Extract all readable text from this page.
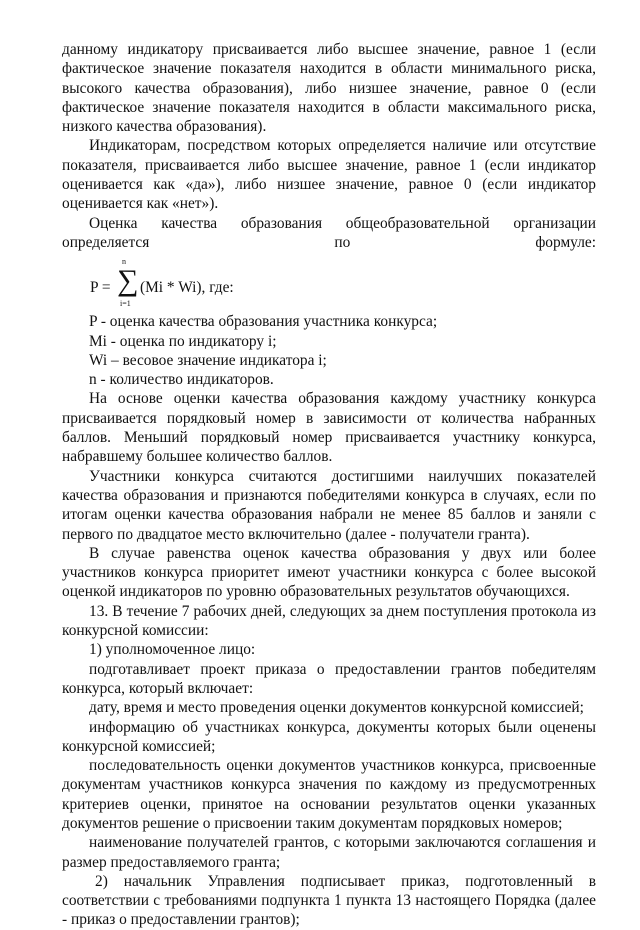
данному индикатору присваивается либо высшее значение, равное 1 (если фактическое значение показателя находится в области минимального риска, высокого качества образования), либо низшее значение, равное 0 (если фактическое значение показателя находится в области максимального риска, низкого качества образования).

Индикаторам, посредством которых определяется наличие или отсутствие показателя, присваивается либо высшее значение, равное 1 (если индикатор оценивается как «да»), либо низшее значение, равное 0 (если индикатор оценивается как «нет»).

Оценка качества образования общеобразовательной организации определяется по формуле:

P =
n
∑
i=1
(Mi * Wi), где:

P - оценка качества образования участника конкурса;

Mi - оценка по индикатору i;

Wi – весовое значение индикатора i;

n - количество индикаторов.

На основе оценки качества образования каждому участнику конкурса присваивается порядковый номер в зависимости от количества набранных баллов. Меньший порядковый номер присваивается участнику конкурса, набравшему большее количество баллов.

Участники конкурса считаются достигшими наилучших показателей качества образования и признаются победителями конкурса в случаях, если по итогам оценки качества образования набрали не менее 85 баллов и заняли с первого по двадцатое место включительно (далее - получатели гранта).

В случае равенства оценок качества образования у двух или более участников конкурса приоритет имеют участники конкурса с более высокой оценкой индикаторов по уровню образовательных результатов обучающихся.

13. В течение 7 рабочих дней, следующих за днем поступления протокола из конкурсной комиссии:

1) уполномоченное лицо:

подготавливает проект приказа о предоставлении грантов победителям конкурса, который включает:

дату, время и место проведения оценки документов конкурсной комиссией;

информацию об участниках конкурса, документы которых были оценены конкурсной комиссией;

последовательность оценки документов участников конкурса, присвоенные документам участников конкурса значения по каждому из предусмотренных критериев оценки, принятое на основании результатов оценки указанных документов решение о присвоении таким документам порядковых номеров;

наименование получателей грантов, с которыми заключаются соглашения и размер предоставляемого гранта;

2) начальник Управления подписывает приказ, подготовленный в соответствии с требованиями подпункта 1 пункта 13 настоящего Порядка (далее - приказ о предоставлении грантов);
